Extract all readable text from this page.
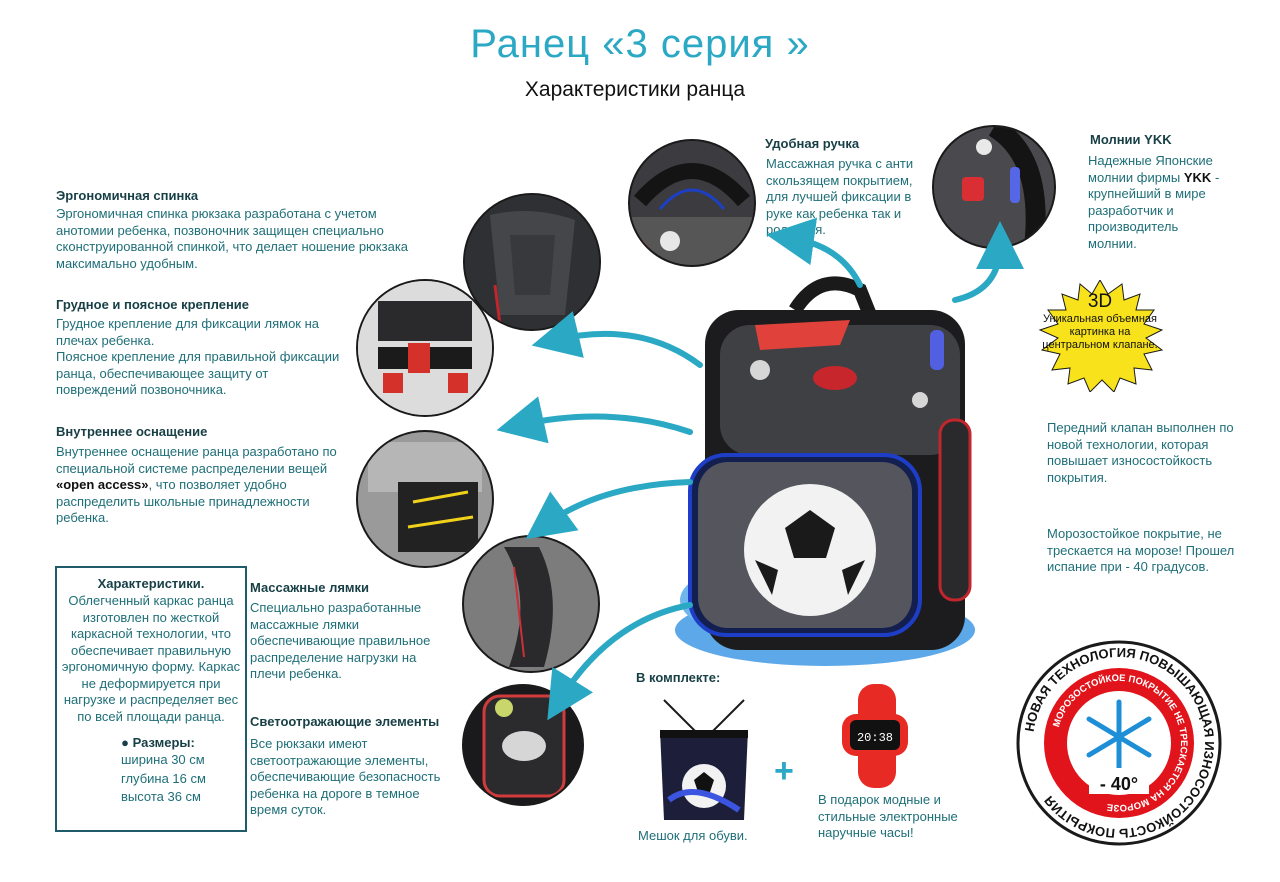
Ранец «3 серия »
Характеристики ранца
Эргономичная спинка
Эргономичная спинка рюкзака разработана с учетом анотомии ребенка, позвоночник защищен специально сконструированной спинкой, что делает ношение рюкзака максимально удобным.
Грудное и поясное крепление
Грудное крепление для фиксации лямок на плечах ребенка.
Поясное крепление для правильной фиксации ранца, обеспечивающее защиту от повреждений позвоночника.
Внутреннее оснащение
Внутреннее оснащение ранца разработано по специальной системе распределении вещей «open access», что позволяет удобно распределить школьные принадлежности ребенка.
Удобная ручка
Массажная ручка с анти скользящем покрытием, для лучшей фиксации в руке как ребенка так и родителя.
Молнии YKK
Надежные Японские молнии фирмы YKK - крупнейший в мире разработчик и производитель молнии.
Массажные лямки
Специально разработанные массажные лямки обеспечивающие правильное распределение нагрузки на плечи ребенка.
Светоотражающие элементы
Все рюкзаки имеют светоотражающие элементы, обеспечивающие безопасность ребенка на дороге в темное время суток.
Передний клапан выполнен по новой технологии, которая повышает износостойкость покрытия.
Морозостойкое покрытие, не трескается на морозе! Прошел испание при - 40 градусов.
Характеристики.
Облегченный каркас ранца изготовлен по жесткой каркасной технологии, что обеспечивает правильную эргономичную форму. Каркас не деформируется при нагрузке и распределяет вес по всей площади ранца.
● Размеры:
ширина 30 см
глубина 16 см
высота 36 см
В комплекте:
Мешок для обуви.
+
В подарок модные и стильные электронные наручные часы!
3D
Уникальная объемная картинка на центральном клапане.
НОВАЯ ТЕХНОЛОГИЯ ПОВЫШАЮЩАЯ ИЗНОСОСТОЙКОСТЬ ПОКРЫТИЯ
МОРОЗОСТОЙКОЕ ПОКРЫТИЕ НЕ ТРЕСКАЕТСЯ НА МОРОЗЕ
- 40°
20:38
